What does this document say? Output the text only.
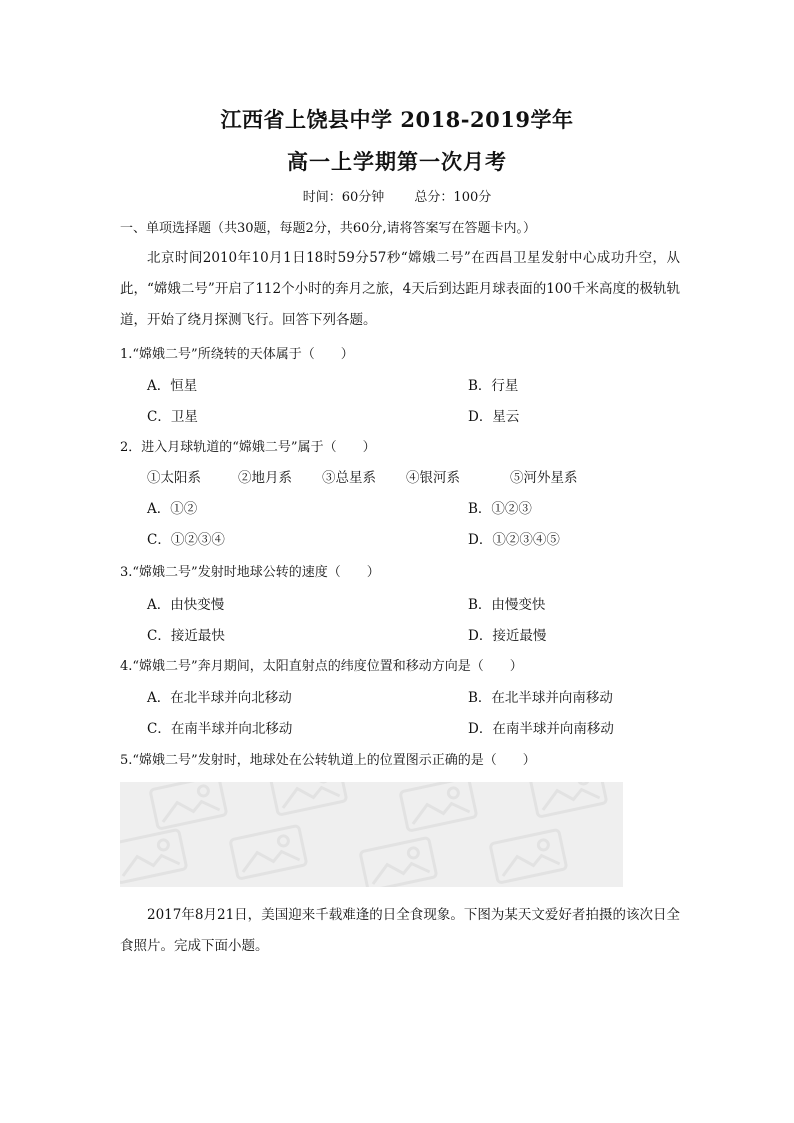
江西省上饶县中学 2018-2019学年
高一上学期第一次月考
时间：60分钟 总分：100分
一、单项选择题（共30题，每题2分，共60分,请将答案写在答题卡内。）
北京时间2010年10月1日18时59分57秒“嫦娥二号”在西昌卫星发射中心成功升空，从此，“嫦娥二号”开启了112个小时的奔月之旅，4天后到达距月球表面的100千米高度的极轨轨道，开始了绕月探测飞行。回答下列各题。
1.“嫦娥二号”所绕转的天体属于（　　）
A．恒星	B．行星
C．卫星	D．星云
2．进入月球轨道的“嫦娥二号”属于（　　）
①太阳系	②地月系 ③总星系 ④银河系	⑤河外星系
A．①②	B．①②③
C．①②③④	D．①②③④⑤
3.“嫦娥二号”发射时地球公转的速度（　　）
A．由快变慢	B．由慢变快
C．接近最快	D．接近最慢
4.“嫦娥二号”奔月期间，太阳直射点的纬度位置和移动方向是（　　）
A．在北半球并向北移动	B．在北半球并向南移动
C．在南半球并向北移动	D．在南半球并向南移动
5.“嫦娥二号”发射时，地球处在公转轨道上的位置图示正确的是（　　）
2017年8月21日，美国迎来千载难逢的日全食现象。下图为某天文爱好者拍摄的该次日全食照片。完成下面小题。
